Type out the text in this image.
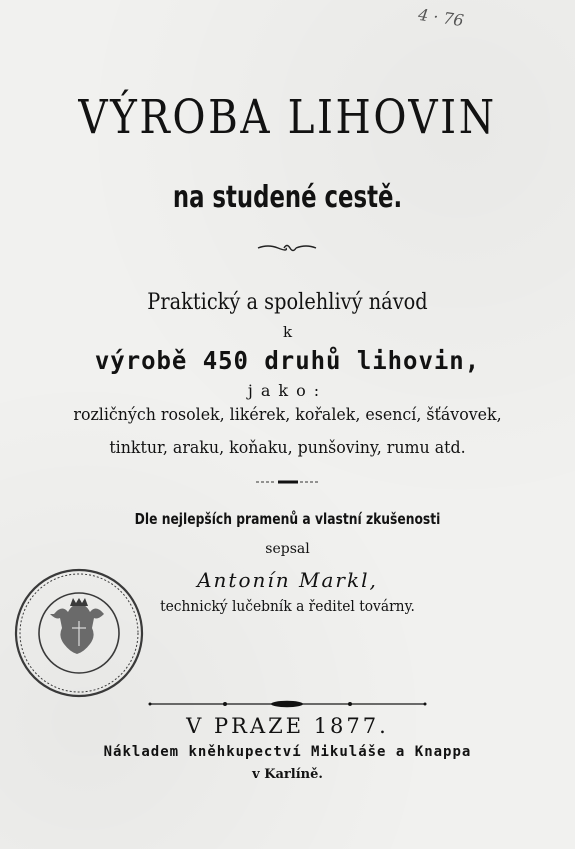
4 · 76
VÝROBA LIHOVIN
na studené cestě.
Praktický a spolehlivý návod
k
výrobě 450 druhů lihovin,
jako:
rozličných rosolek, likérek, kořalek, esencí, šťávovek,
tinktur, araku, koňaku, punšoviny, rumu atd.
Dle nejlepších pramenů a vlastní zkušenosti
sepsal
Antonín Markl,
technický lučebník a ředitel továrny.
V PRAZE 1877.
Nákladem kněhkupectví Mikuláše a Knappa
v Karlíně.
